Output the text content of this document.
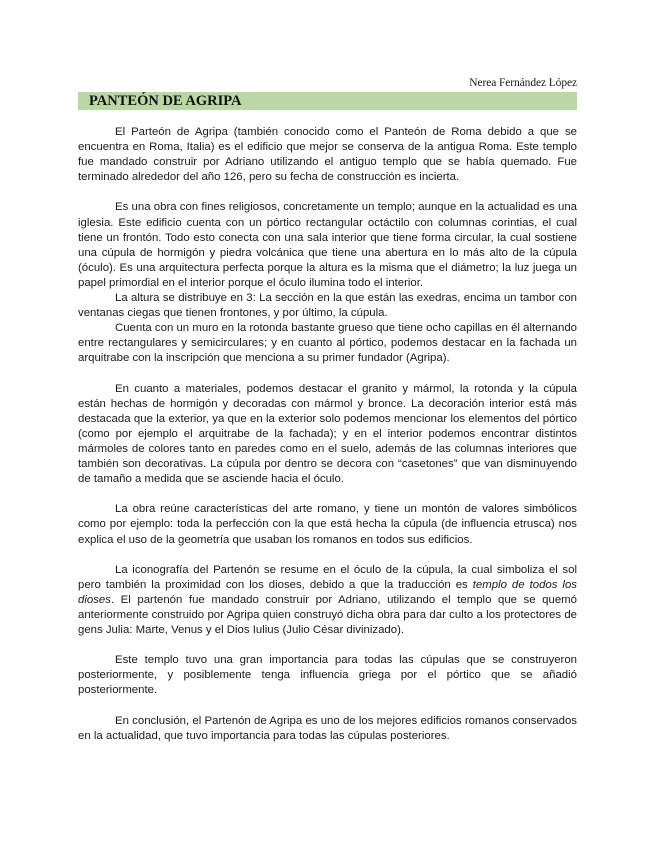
Nerea Fernández López
PANTEÓN DE AGRIPA

El Parteón de Agripa (también conocido como el Panteón de Roma debido a que se encuentra en Roma, Italia) es el edificio que mejor se conserva de la antigua Roma. Este templo fue mandado construir por Adriano utilizando el antiguo templo que se había quemado. Fue terminado alrededor del año 126, pero su fecha de construcción es incierta.

Es una obra con fines religiosos, concretamente un templo; aunque en la actualidad es una iglesia. Este edificio cuenta con un pórtico rectangular octáctilo con columnas corintias, el cual tiene un frontón. Todo esto conecta con una sala interior que tiene forma circular, la cual sostiene una cúpula de hormigón y piedra volcánica que tiene una abertura en lo más alto de la cúpula (óculo). Es una arquitectura perfecta porque la altura es la misma que el diámetro; la luz juega un papel primordial en el interior porque el óculo ilumina todo el interior.

La altura se distribuye en 3: La sección en la que están las exedras, encima un tambor con ventanas ciegas que tienen frontones, y por último, la cúpula.

Cuenta con un muro en la rotonda bastante grueso que tiene ocho capillas en él alternando entre rectangulares y semicirculares; y en cuanto al pórtico, podemos destacar en la fachada un arquitrabe con la inscripción que menciona a su primer fundador (Agripa).

En cuanto a materiales, podemos destacar el granito y mármol, la rotonda y la cúpula están hechas de hormigón y decoradas con mármol y bronce. La decoración interior está más destacada que la exterior, ya que en la exterior solo podemos mencionar los elementos del pórtico (como por ejemplo el arquitrabe de la fachada); y en el interior podemos encontrar distintos mármoles de colores tanto en paredes como en el suelo, además de las columnas interiores que también son decorativas. La cúpula por dentro se decora con “casetones” que van disminuyendo de tamaño a medida que se asciende hacia el óculo.

La obra reúne características del arte romano, y tiene un montón de valores simbólicos como por ejemplo: toda la perfección con la que está hecha la cúpula (de influencia etrusca) nos explica el uso de la geometría que usaban los romanos en todos sus edificios.

La iconografía del Partenón se resume en el óculo de la cúpula, la cual simboliza el sol pero también la proximidad con los dioses, debido a que la traducción es templo de todos los dioses. El partenón fue mandado construir por Adriano, utilizando el templo que se quemó anteriormente construido por Agripa quien construyó dicha obra para dar culto a los protectores de gens Julia: Marte, Venus y el Dios Iulius (Julio César divinizado).

Este templo tuvo una gran importancia para todas las cúpulas que se construyeron posteriormente, y posiblemente tenga influencia griega por el pórtico que se añadió posteriormente.

En conclusión, el Partenón de Agripa es uno de los mejores edificios romanos conservados en la actualidad, que tuvo importancia para todas las cúpulas posteriores.
